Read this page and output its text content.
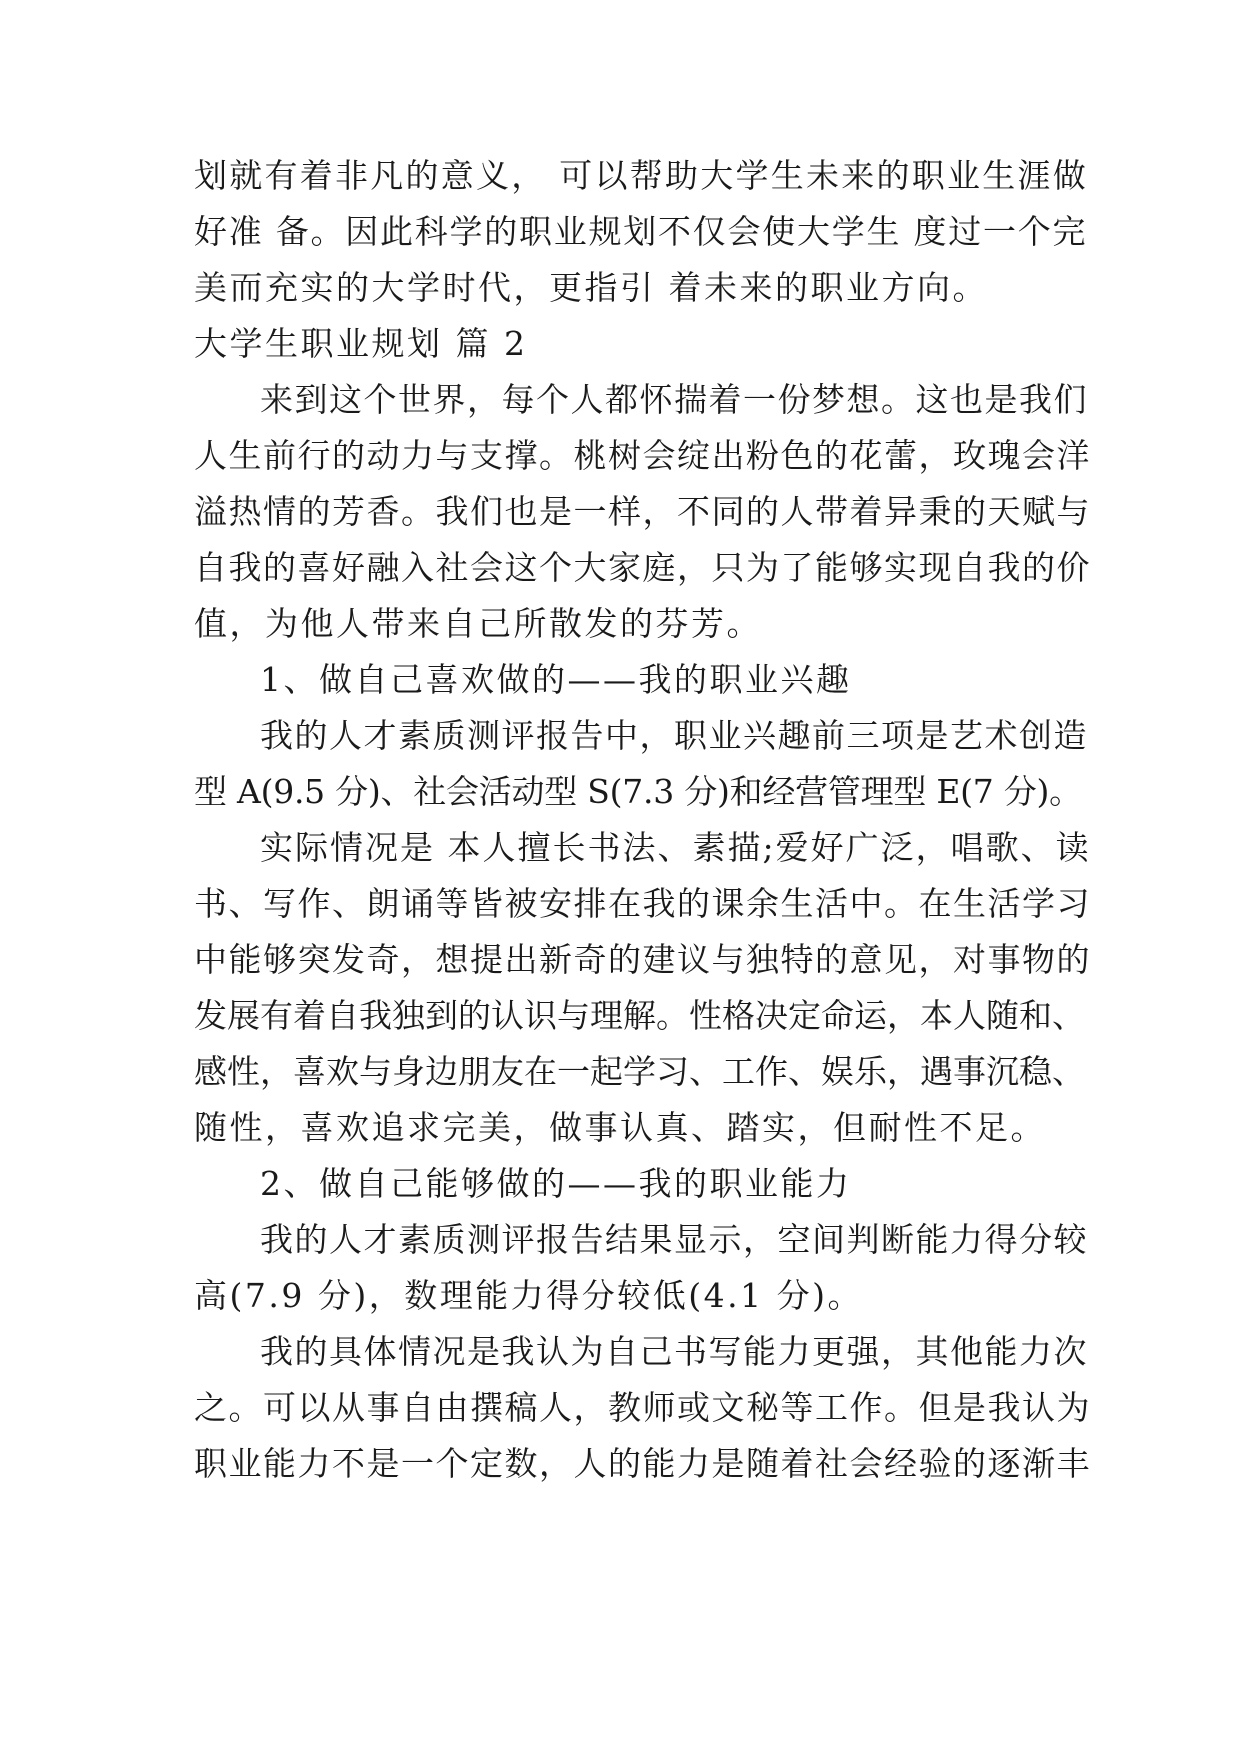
划就有着非凡的意义， 可以帮助大学生未来的职业生涯做
好准 备。因此科学的职业规划不仅会使大学生 度过一个完
美而充实的大学时代，更指引 着未来的职业方向。
大学生职业规划 篇 2
来到这个世界，每个人都怀揣着一份梦想。这也是我们
人生前行的动力与支撑。桃树会绽出粉色的花蕾，玫瑰会洋
溢热情的芳香。我们也是一样，不同的人带着异秉的天赋与
自我的喜好融入社会这个大家庭，只为了能够实现自我的价
值，为他人带来自己所散发的芬芳。
1、做自己喜欢做的——我的职业兴趣
我的人才素质测评报告中，职业兴趣前三项是艺术创造
型 A(9.5 分)、社会活动型 S(7.3 分)和经营管理型 E(7 分)。
实际情况是 本人擅长书法、素描;爱好广泛，唱歌、读
书、写作、朗诵等皆被安排在我的课余生活中。在生活学习
中能够突发奇，想提出新奇的建议与独特的意见，对事物的
发展有着自我独到的认识与理解。性格决定命运，本人随和、
感性，喜欢与身边朋友在一起学习、工作、娱乐，遇事沉稳、
随性，喜欢追求完美，做事认真、踏实，但耐性不足。
2、做自己能够做的——我的职业能力
我的人才素质测评报告结果显示，空间判断能力得分较
高(7.9 分)，数理能力得分较低(4.1 分)。
我的具体情况是我认为自己书写能力更强，其他能力次
之。可以从事自由撰稿人，教师或文秘等工作。但是我认为
职业能力不是一个定数，人的能力是随着社会经验的逐渐丰
